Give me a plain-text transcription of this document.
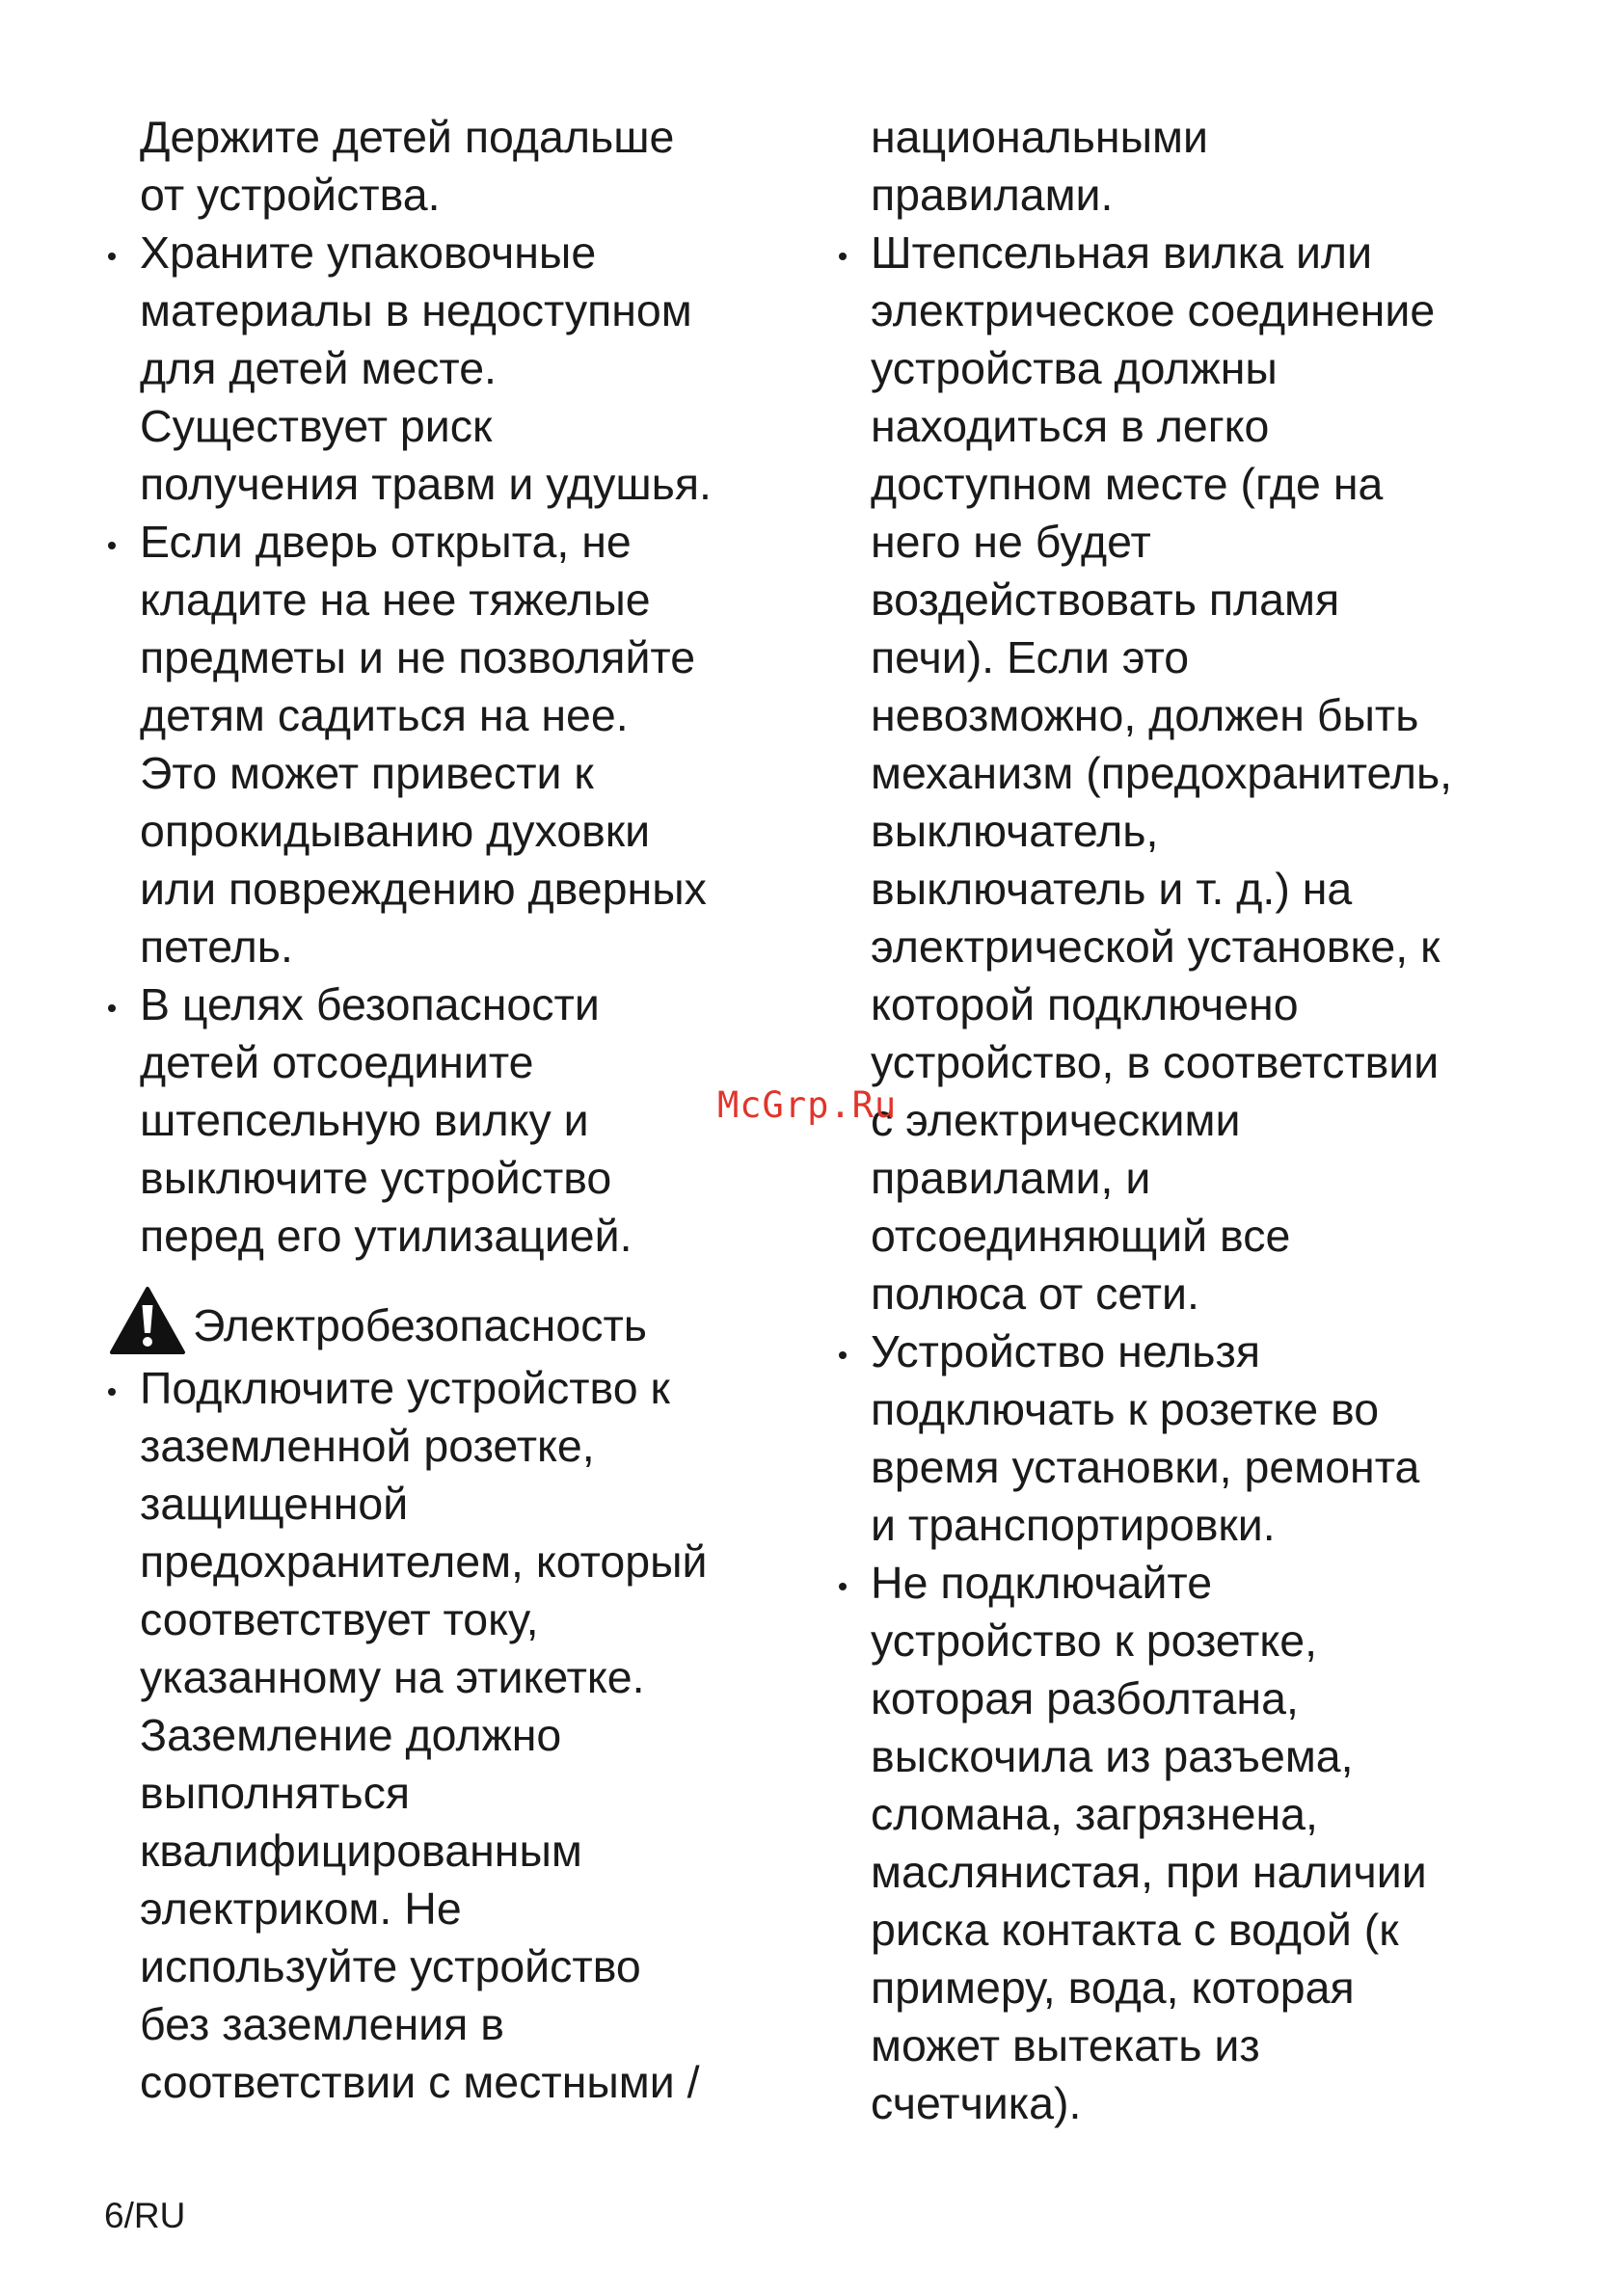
Держите детей подальше
от устройства.
Храните упаковочные
материалы в недоступном
для детей месте.
Существует риск
получения травм и удушья.
Если дверь открыта, не
кладите на нее тяжелые
предметы и не позволяйте
детям садиться на нее.
Это может привести к
опрокидыванию духовки
или повреждению дверных
петель.
В целях безопасности
детей отсоедините
штепсельную вилку и
выключите устройство
перед его утилизацией.
Электробезопасность
Подключите устройство к
заземленной розетке,
защищенной
предохранителем, который
соответствует току,
указанному на этикетке.
Заземление должно
выполняться
квалифицированным
электриком. Не
используйте устройство
без заземления в
соответствии с местными /
национальными
правилами.
Штепсельная вилка или
электрическое соединение
устройства должны
находиться в легко
доступном месте (где на
него не будет
воздействовать пламя
печи). Если это
невозможно, должен быть
механизм (предохранитель,
выключатель,
выключатель и т. д.) на
электрической установке, к
которой подключено
устройство, в соответствии
с электрическими
правилами, и
отсоединяющий все
полюса от сети.
Устройство нельзя
подключать к розетке во
время установки, ремонта
и транспортировки.
Не подключайте
устройство к розетке,
которая разболтана,
выскочила из разъема,
сломана, загрязнена,
маслянистая, при наличии
риска контакта с водой (к
примеру, вода, которая
может вытекать из
счетчика).
McGrp.Ru
6/RU
